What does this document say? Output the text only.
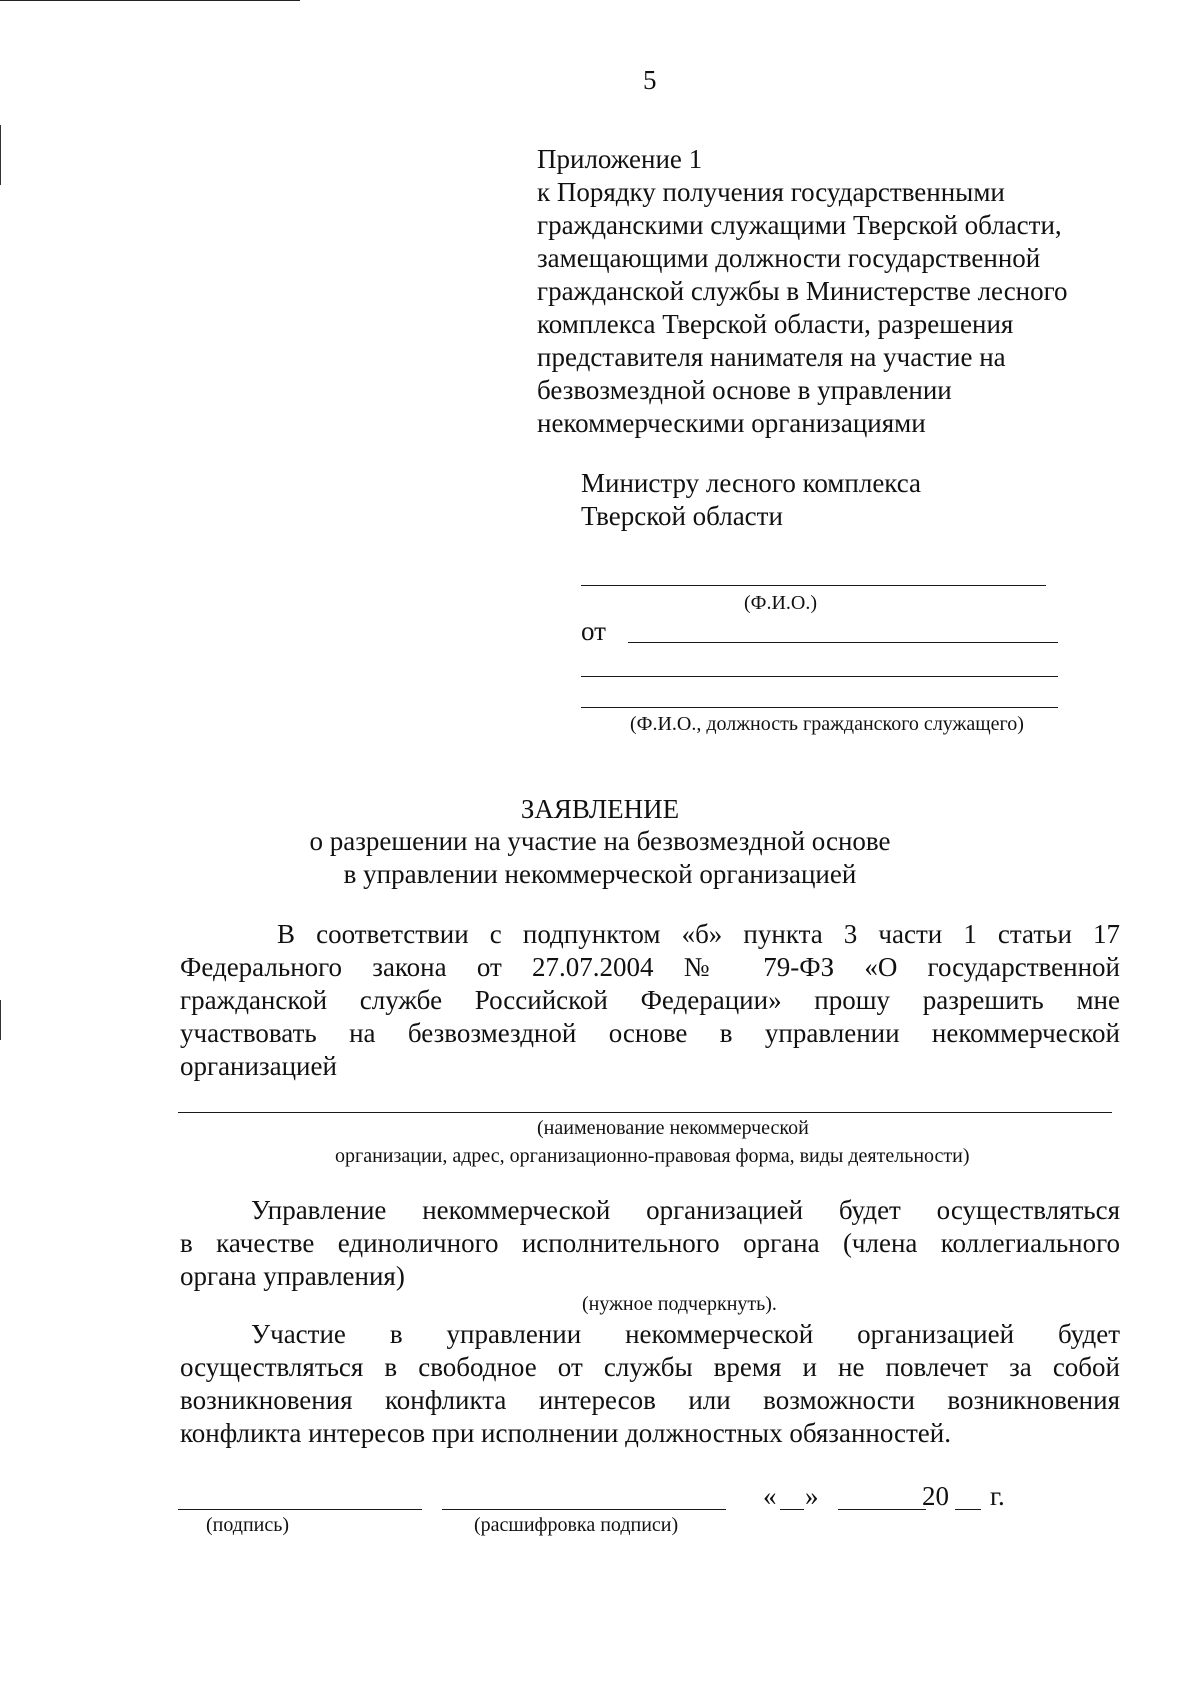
5
Приложение 1
к Порядку получения государственными
гражданскими служащими Тверской области,
замещающими должности государственной
гражданской службы в Министерстве лесного
комплекса Тверской области, разрешения
представителя нанимателя на участие на
безвозмездной основе в управлении
некоммерческими организациями
Министру лесного комплекса
Тверской области
(Ф.И.О.)
от
(Ф.И.О., должность гражданского служащего)
ЗАЯВЛЕНИЕ
о разрешении на участие на безвозмездной основе
в управлении некоммерческой организацией
В соответствии с подпунктом «б» пункта 3 части 1 статьи 17
Федерального закона от 27.07.2004 № 79-ФЗ «О государственной
гражданской службе Российской Федерации» прошу разрешить мне
участвовать на безвозмездной основе в управлении некоммерческой
организацией
(наименование некоммерческой
организации, адрес, организационно-правовая форма, виды деятельности)
Управление некоммерческой организацией будет осуществляться
в качестве единоличного исполнительного органа (члена коллегиального
органа управления)
(нужное подчеркнуть).
Участие в управлении некоммерческой организацией будет
осуществляться в свободное от службы время и не повлечет за собой
возникновения конфликта интересов или возможности возникновения
конфликта интересов при исполнении должностных обязанностей.
« »	20 г.
(подпись)	(расшифровка подписи)
